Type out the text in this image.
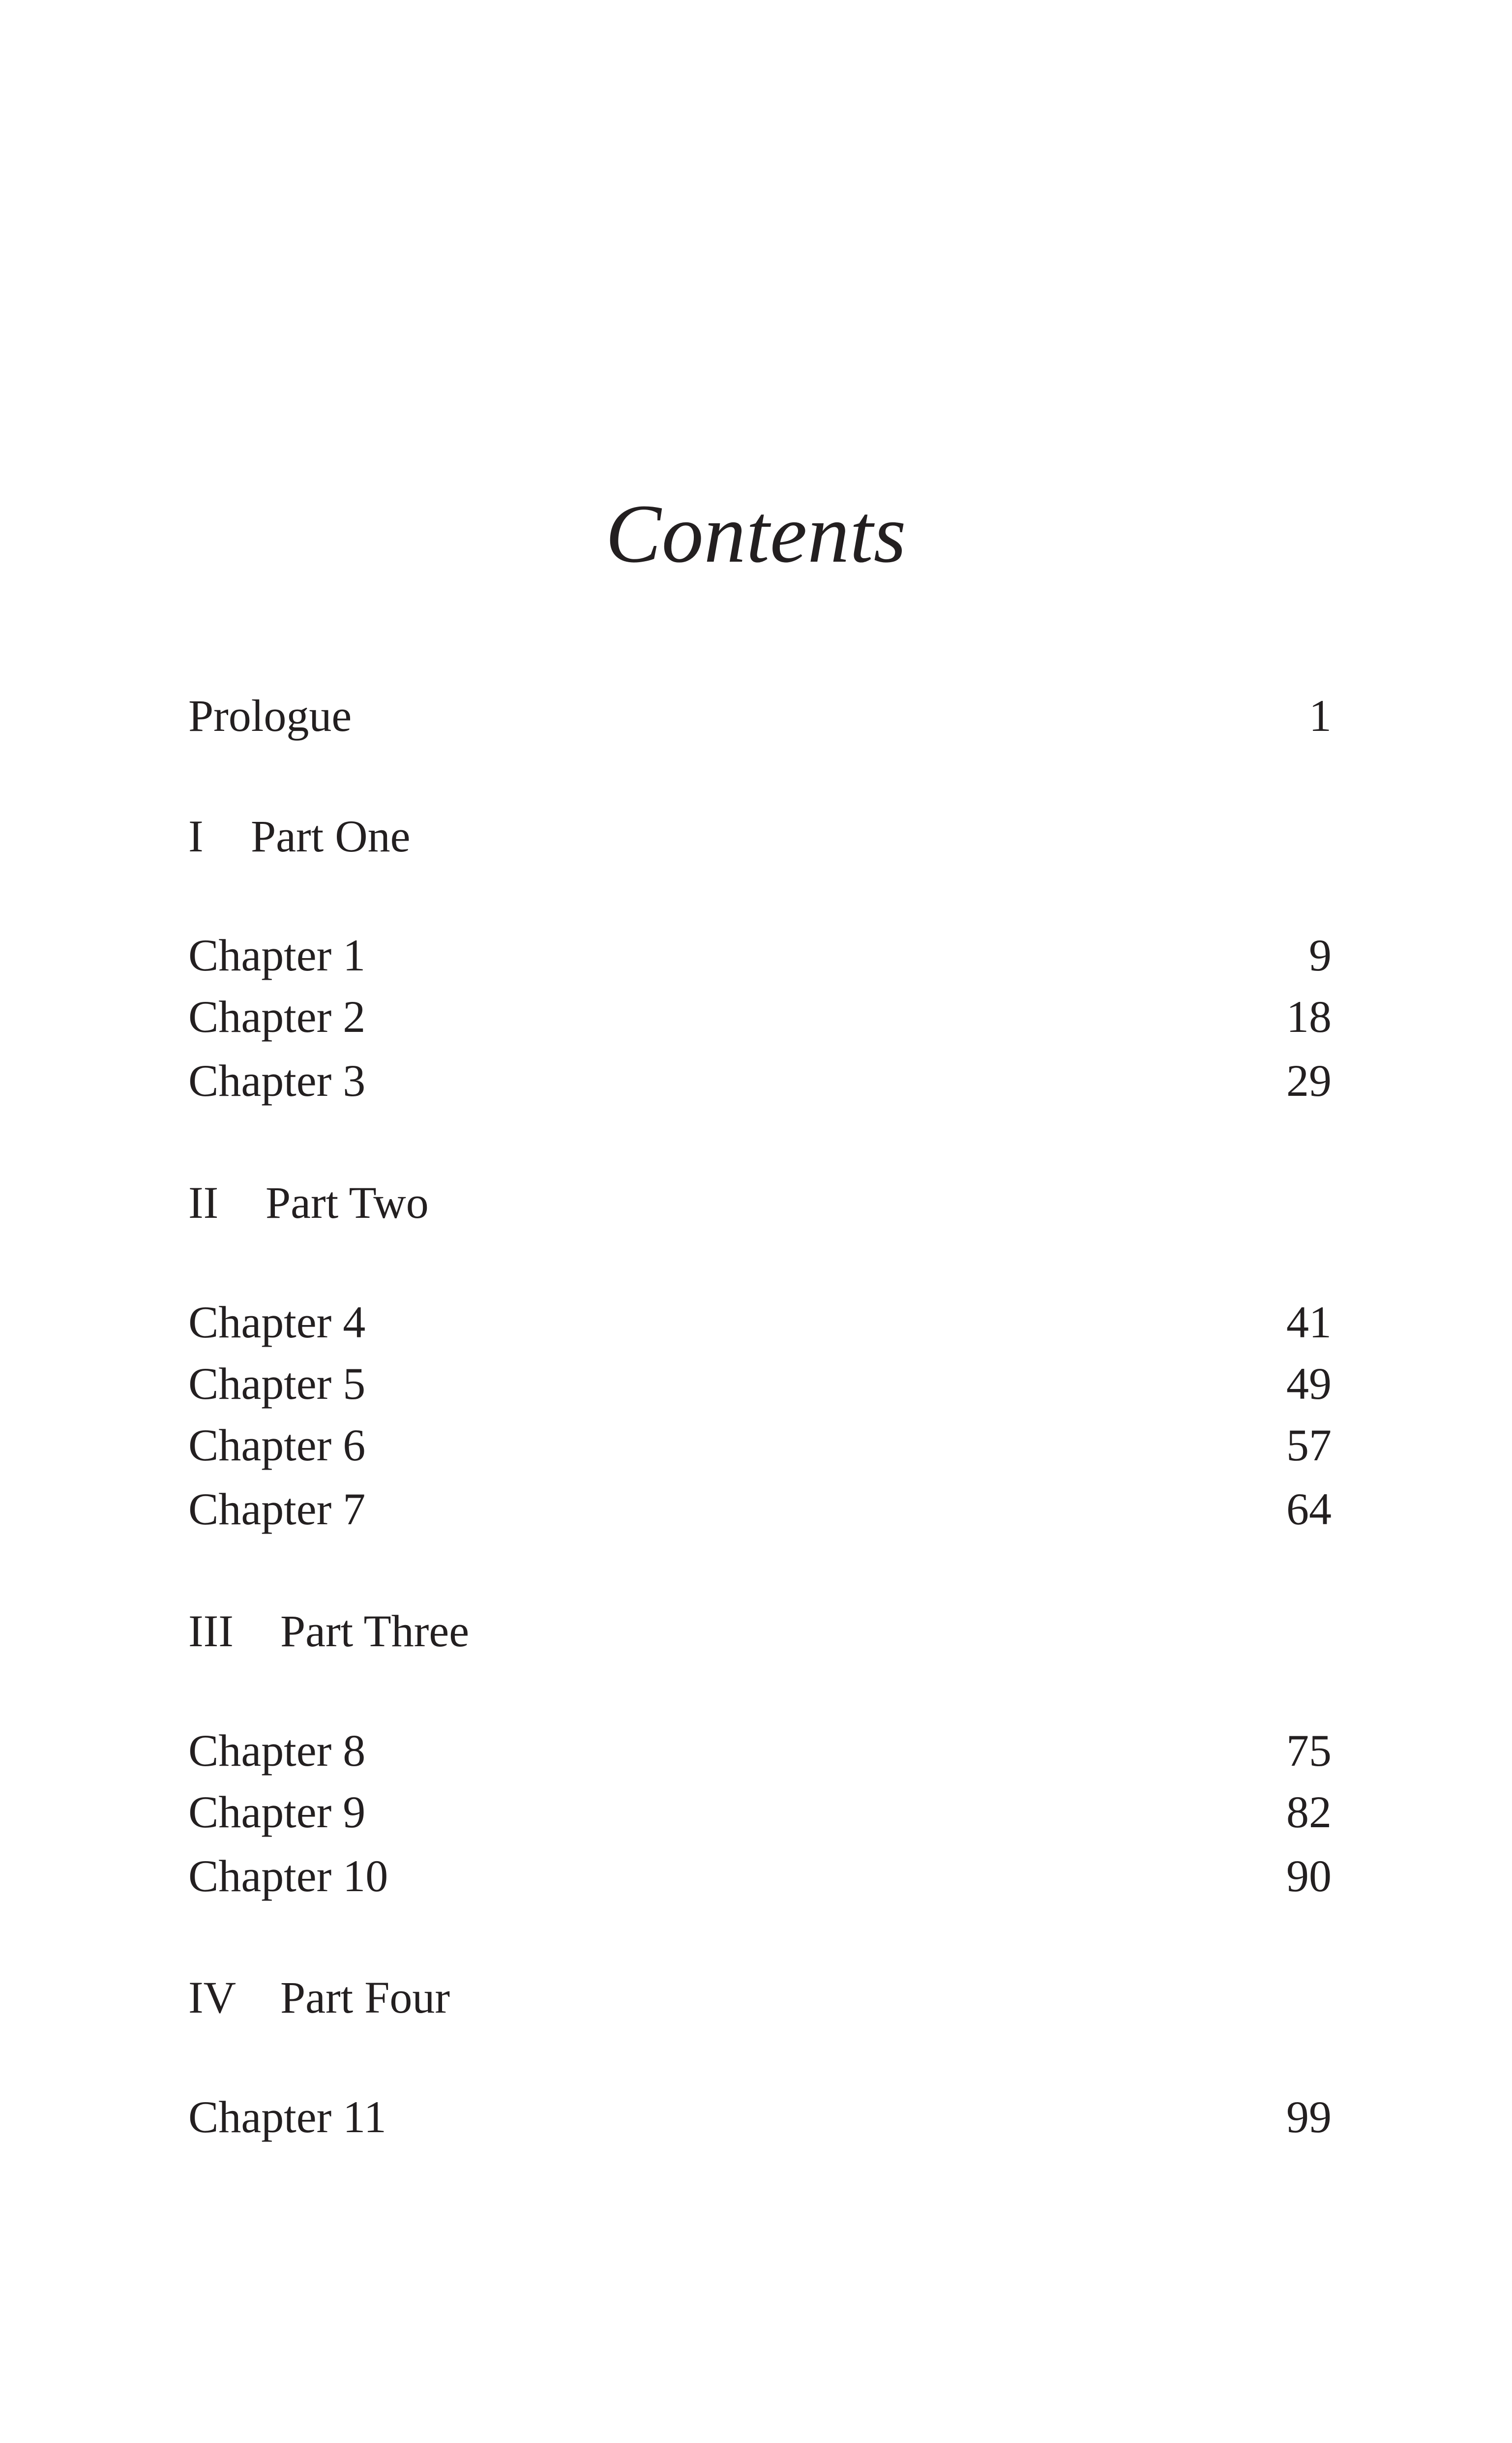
Contents
Prologue	1
I Part One
Chapter 1	9
Chapter 2	18
Chapter 3	29
II Part Two
Chapter 4	41
Chapter 5	49
Chapter 6	57
Chapter 7	64
III Part Three
Chapter 8	75
Chapter 9	82
Chapter 10	90
IV Part Four
Chapter 11	99
